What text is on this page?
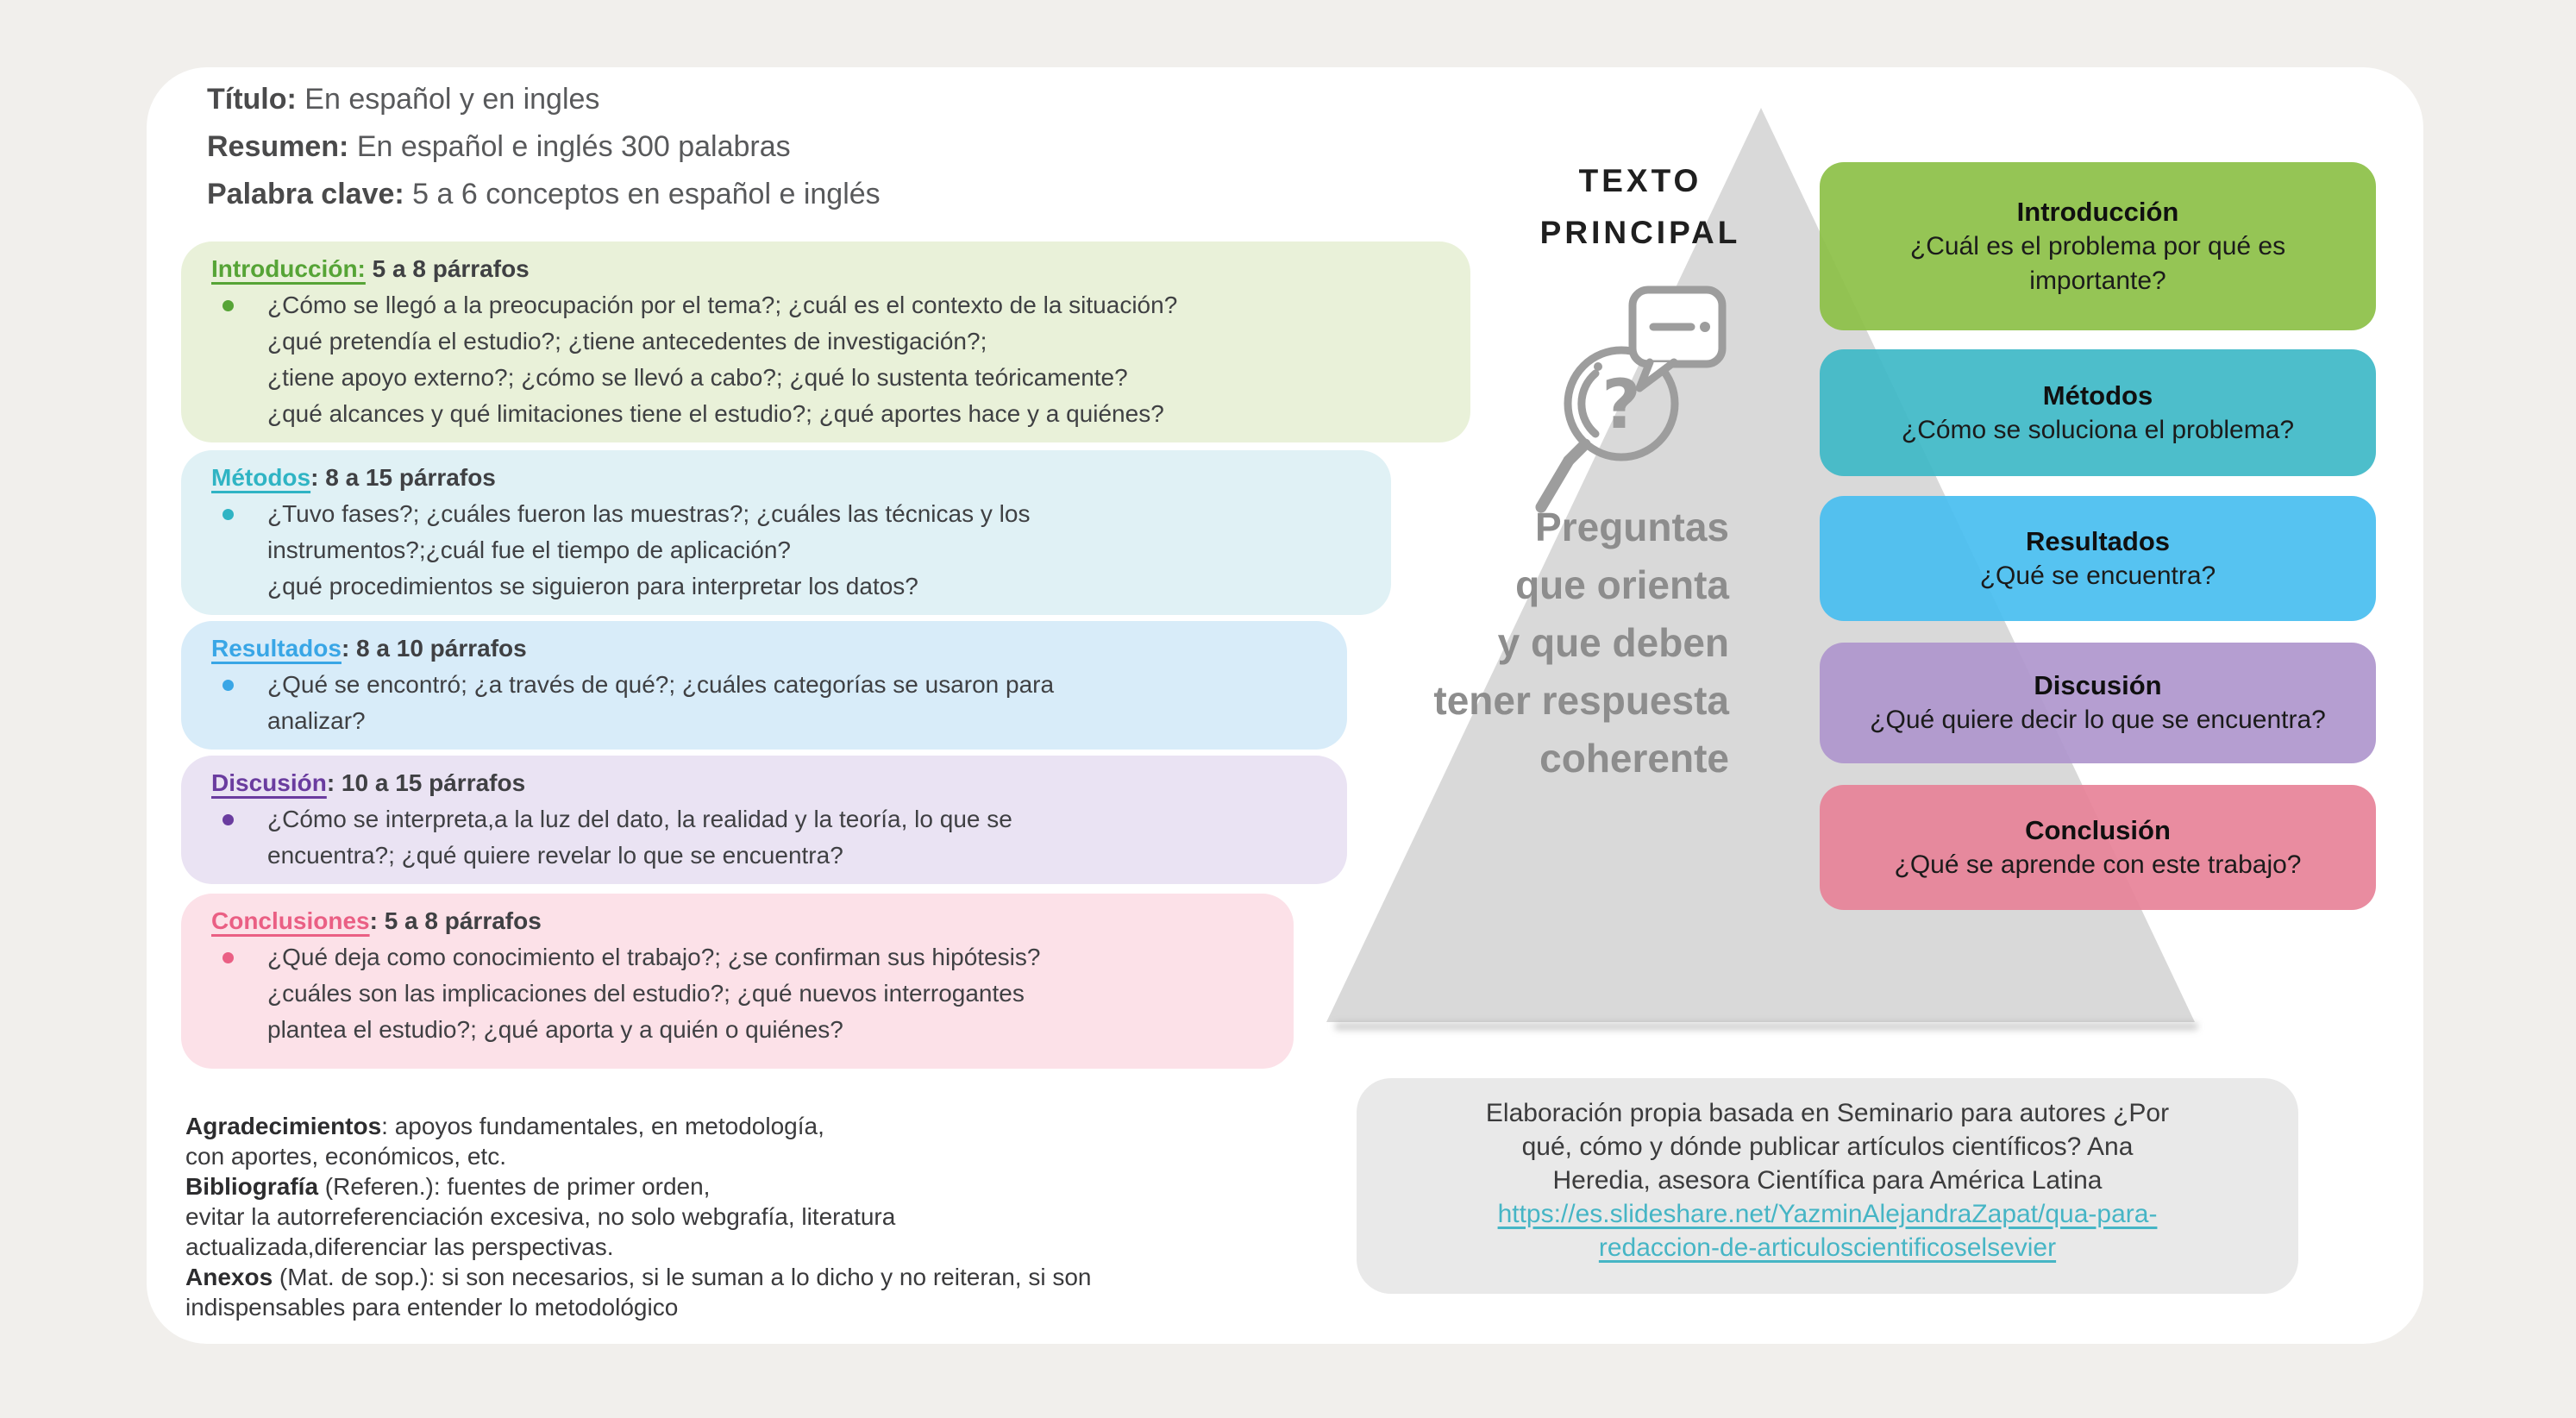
Título: En español y en ingles
Resumen: En español e inglés 300 palabras
Palabra clave: 5 a 6 conceptos en español e inglés
Introducción: 5 a 8 párrafos
¿Cómo se llegó a la preocupación por el tema?; ¿cuál es el contexto de la situación?
¿qué pretendía el estudio?; ¿tiene antecedentes de investigación?;
¿tiene apoyo externo?; ¿cómo se llevó a cabo?; ¿qué lo sustenta teóricamente?
¿qué alcances y qué limitaciones tiene el estudio?; ¿qué aportes hace y a quiénes?
Métodos: 8 a 15 párrafos
¿Tuvo fases?; ¿cuáles fueron las muestras?; ¿cuáles las técnicas y los
instrumentos?;¿cuál fue el tiempo de aplicación?
¿qué procedimientos se siguieron para interpretar los datos?
Resultados: 8 a 10 párrafos
¿Qué se encontró; ¿a través de qué?; ¿cuáles categorías se usaron para
analizar?
Discusión: 10 a 15 párrafos
¿Cómo se interpreta,a la luz del dato, la realidad y la teoría, lo que se
encuentra?; ¿qué quiere revelar lo que se encuentra?
Conclusiones: 5 a 8 párrafos
¿Qué deja como conocimiento el trabajo?; ¿se confirman sus hipótesis?
¿cuáles son las implicaciones del estudio?; ¿qué nuevos interrogantes
plantea el estudio?; ¿qué aporta y a quién o quiénes?
Agradecimientos: apoyos fundamentales, en metodología,
con aportes, económicos, etc.
Bibliografía (Referen.): fuentes de primer orden,
evitar la autorreferenciación excesiva, no solo webgrafía, literatura
actualizada,diferenciar las perspectivas.
Anexos (Mat. de sop.): si son necesarios, si le suman a lo dicho y no reiteran, si son
indispensables para entender lo metodológico
TEXTO
PRINCIPAL
?
Preguntas
que orienta
y que deben
tener respuesta
coherente
Introducción
¿Cuál es el problema por qué es importante?
Métodos
¿Cómo se soluciona el problema?
Resultados
¿Qué se encuentra?
Discusión
¿Qué quiere decir lo que se encuentra?
Conclusión
¿Qué se aprende con este trabajo?
Elaboración propia basada en Seminario para autores ¿Por
qué, cómo y dónde publicar artículos científicos? Ana
Heredia, asesora Científica para América Latina
https://es.slideshare.net/YazminAlejandraZapat/qua-para-
redaccion-de-articuloscientificoselsevier
